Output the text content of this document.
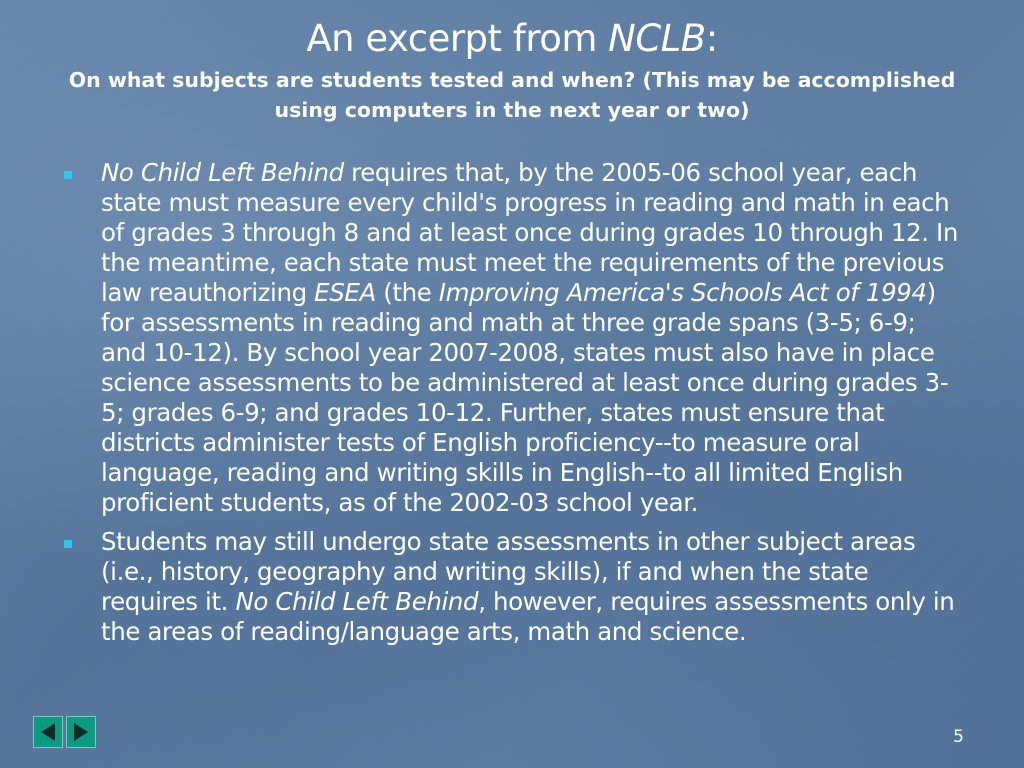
An excerpt from NCLB:
On what subjects are students tested and when? (This may be accomplished using computers in the next year or two)
No Child Left Behind requires that, by the 2005-06 school year, each state must measure every child's progress in reading and math in each of grades 3 through 8 and at least once during grades 10 through 12. In the meantime, each state must meet the requirements of the previous law reauthorizing ESEA (the Improving America's Schools Act of 1994) for assessments in reading and math at three grade spans (3-5; 6-9; and 10-12). By school year 2007-2008, states must also have in place science assessments to be administered at least once during grades 3-5; grades 6-9; and grades 10-12. Further, states must ensure that districts administer tests of English proficiency--to measure oral language, reading and writing skills in English--to all limited English proficient students, as of the 2002-03 school year.
Students may still undergo state assessments in other subject areas (i.e., history, geography and writing skills), if and when the state requires it. No Child Left Behind, however, requires assessments only in the areas of reading/language arts, math and science.
5
